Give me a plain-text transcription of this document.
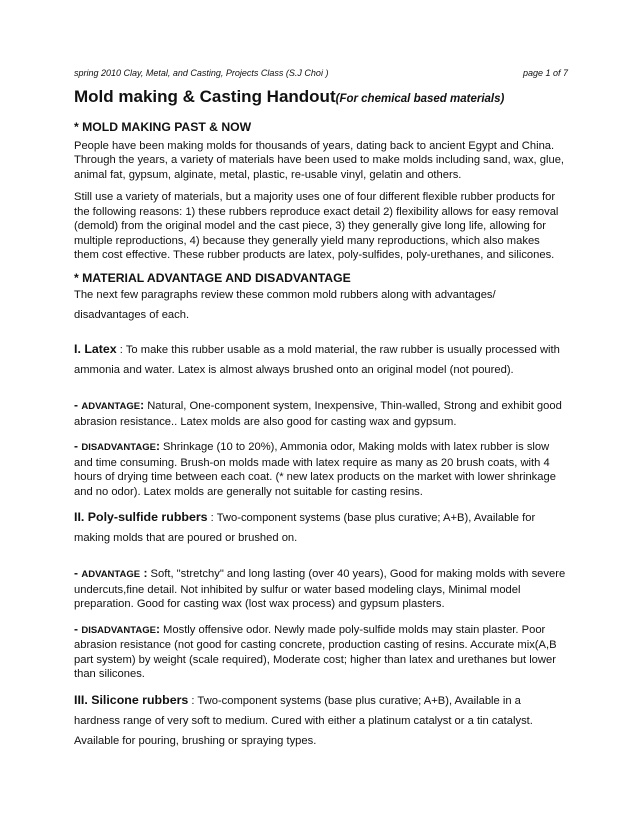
spring 2010 Clay, Metal, and Casting, Projects Class (S.J Choi )	page 1 of 7
Mold making & Casting Handout(For chemical based materials)
* MOLD MAKING PAST & NOW

People have been making molds for thousands of years, dating back to ancient Egypt and China. Through the years, a variety of materials have been used to make molds including sand, wax, glue, animal fat, gypsum, alginate, metal, plastic, re-usable vinyl, gelatin and others.

Still use a variety of materials, but a majority uses one of four different flexible rubber products for the following reasons: 1) these rubbers reproduce exact detail 2) flexibility allows for easy removal (demold) from the original model and the cast piece, 3) they generally give long life, allowing for multiple reproductions, 4) because they generally yield many reproductions, which also makes them cost effective. These rubber products are latex, poly-sulfides, poly-urethanes, and silicones.

* MATERIAL ADVANTAGE AND DISADVANTAGE

The next few paragraphs review these common mold rubbers along with advantages/ disadvantages of each.

I. Latex : To make this rubber usable as a mold material, the raw rubber is usually processed with ammonia and water. Latex is almost always brushed onto an original model (not poured).

- ADVANTAGE: Natural, One-component system, Inexpensive, Thin-walled, Strong and exhibit good abrasion resistance.. Latex molds are also good for casting wax and gypsum.

- DISADVANTAGE: Shrinkage (10 to 20%), Ammonia odor, Making molds with latex rubber is slow and time consuming. Brush-on molds made with latex require as many as 20 brush coats, with 4 hours of drying time between each coat. (* new latex products on the market with lower shrinkage and no odor). Latex molds are generally not suitable for casting resins.

II. Poly-sulfide rubbers : Two-component systems (base plus curative; A+B), Available for making molds that are poured or brushed on.

- ADVANTAGE : Soft, "stretchy" and long lasting (over 40 years), Good for making molds with severe undercuts,fine detail. Not inhibited by sulfur or water based modeling clays, Minimal model preparation. Good for casting wax (lost wax process) and gypsum plasters.

- DISADVANTAGE: Mostly offensive odor. Newly made poly-sulfide molds may stain plaster. Poor abrasion resistance (not good for casting concrete, production casting of resins. Accurate mix(A,B part system) by weight (scale required), Moderate cost; higher than latex and urethanes but lower than silicones.

III. Silicone rubbers : Two-component systems (base plus curative; A+B), Available in a hardness range of very soft to medium. Cured with either a platinum catalyst or a tin catalyst. Available for pouring, brushing or spraying types.
